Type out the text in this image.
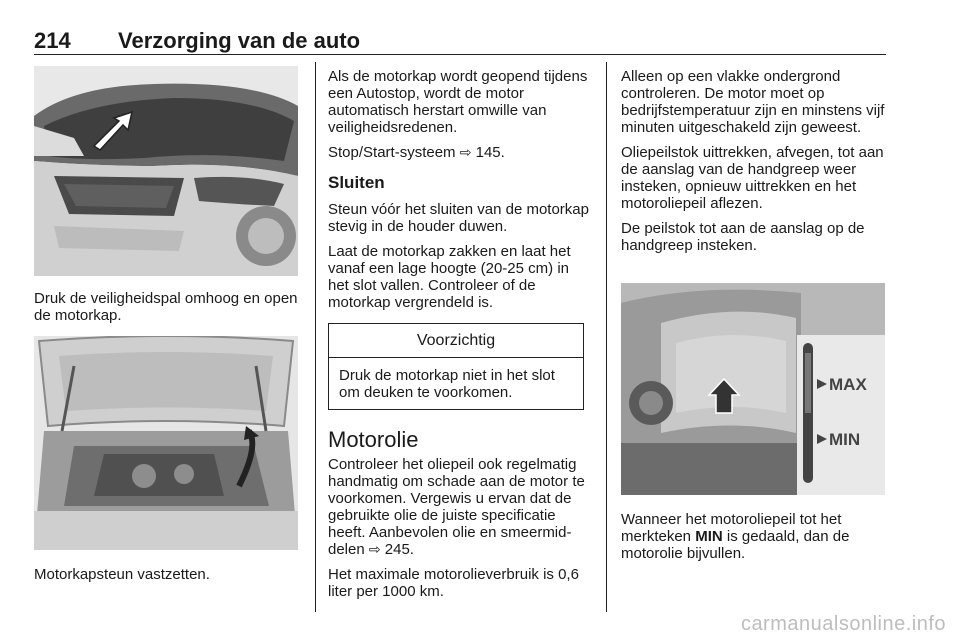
214 Verzorging van de auto

Druk de veiligheidspal omhoog en open de motorkap.

Motorkapsteun vastzetten.

Als de motorkap wordt geopend tijdens een Autostop, wordt de motor automatisch herstart omwille van veiligheidsredenen.

Stop/Start-systeem ⇨ 145.

Sluiten

Steun vóór het sluiten van de motorkap stevig in de houder duwen.

Laat de motorkap zakken en laat het vanaf een lage hoogte (20-25 cm) in het slot vallen. Controleer of de motorkap vergrendeld is.

Voorzichtig
Druk de motorkap niet in het slot om deuken te voorkomen.
Motorolie

Controleer het oliepeil ook regelmatig handmatig om schade aan de motor te voorkomen. Vergewis u ervan dat de gebruikte olie de juiste specificatie heeft. Aanbevolen olie en smeermiddelen ⇨ 245.

Het maximale motorolieverbruik is 0,6 liter per 1000 km.

Alleen op een vlakke ondergrond controleren. De motor moet op bedrijfstemperatuur zijn en minstens vijf minuten uitgeschakeld zijn geweest.

Oliepeilstok uittrekken, afvegen, tot aan de aanslag van de handgreep weer insteken, opnieuw uittrekken en het motoroliepeil aflezen.

De peilstok tot aan de aanslag op de handgreep insteken.

MAX
MIN

Wanneer het motoroliepeil tot het merkteken MIN is gedaald, dan de motorolie bijvullen.

carmanualsonline.info
